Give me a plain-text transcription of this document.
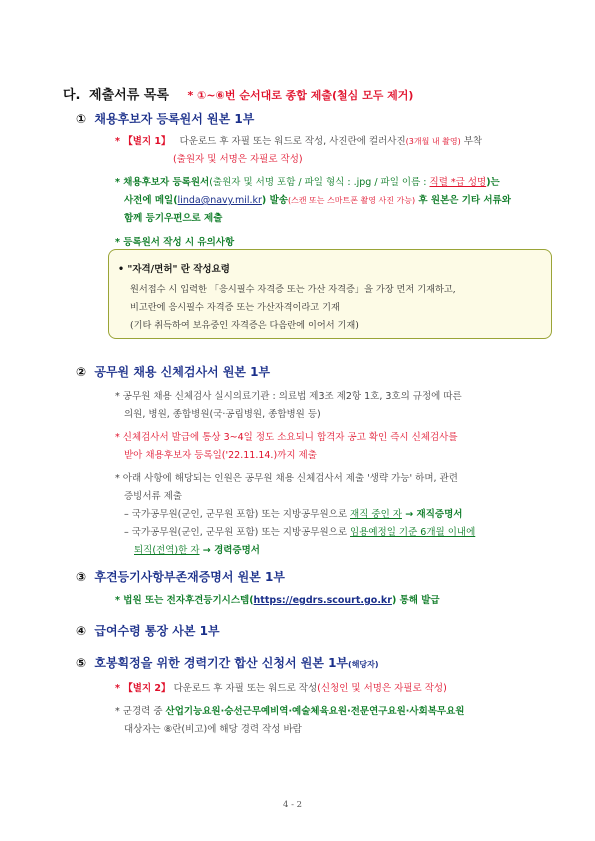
다. 제출서류 목록 * ①~⑥번 순서대로 종합 제출(철심 모두 제거)
① 채용후보자 등록원서 원본 1부
* 【별지 1】 다운로드 후 자필 또는 워드로 작성, 사진란에 컬러사진(3개월 내 촬영) 부착
(출원자 및 서명은 자필로 작성)
* 채용후보자 등록원서(출원자 및 서명 포함 / 파일 형식 : .jpg / 파일 이름 : 직렬 *급 성명)는
사전에 메일(linda@navy.mil.kr) 발송(스캔 또는 스마트폰 촬영 사진 가능) 후 원본은 기타 서류와
함께 등기우편으로 제출
* 등록원서 작성 시 유의사항
• "자격/면허" 란 작성요령
원서접수 시 입력한 「응시필수 자격증 또는 가산 자격증」을 가장 먼저 기재하고,
비고란에 응시필수 자격증 또는 가산자격이라고 기재
(기타 취득하여 보유중인 자격증은 다음란에 이어서 기재)
② 공무원 채용 신체검사서 원본 1부
* 공무원 채용 신체검사 실시의료기관 : 의료법 제3조 제2항 1호, 3호의 규정에 따른
의원, 병원, 종합병원(국·공립병원, 종합병원 등)
* 신체검사서 발급에 통상 3~4일 정도 소요되니 합격자 공고 확인 즉시 신체검사를
받아 채용후보자 등록일('22.11.14.)까지 제출
* 아래 사항에 해당되는 인원은 공무원 채용 신체검사서 제출 '생략 가능' 하며, 관련
증빙서류 제출
– 국가공무원(군인, 군무원 포함) 또는 지방공무원으로 재직 중인 자 → 재직증명서
– 국가공무원(군인, 군무원 포함) 또는 지방공무원으로 임용예정일 기준 6개월 이내에
퇴직(전역)한 자 → 경력증명서
③ 후견등기사항부존재증명서 원본 1부
* 법원 또는 전자후견등기시스템(https://egdrs.scourt.go.kr) 통해 발급
④ 급여수령 통장 사본 1부
⑤ 호봉획정을 위한 경력기간 합산 신청서 원본 1부(해당자)
* 【별지 2】 다운로드 후 자필 또는 워드로 작성(신청인 및 서명은 자필로 작성)
* 군경력 중 산업기능요원·승선근무예비역·예술체육요원·전문연구요원·사회복무요원
대상자는 ⑧란(비고)에 해당 경력 작성 바람
4 - 2
